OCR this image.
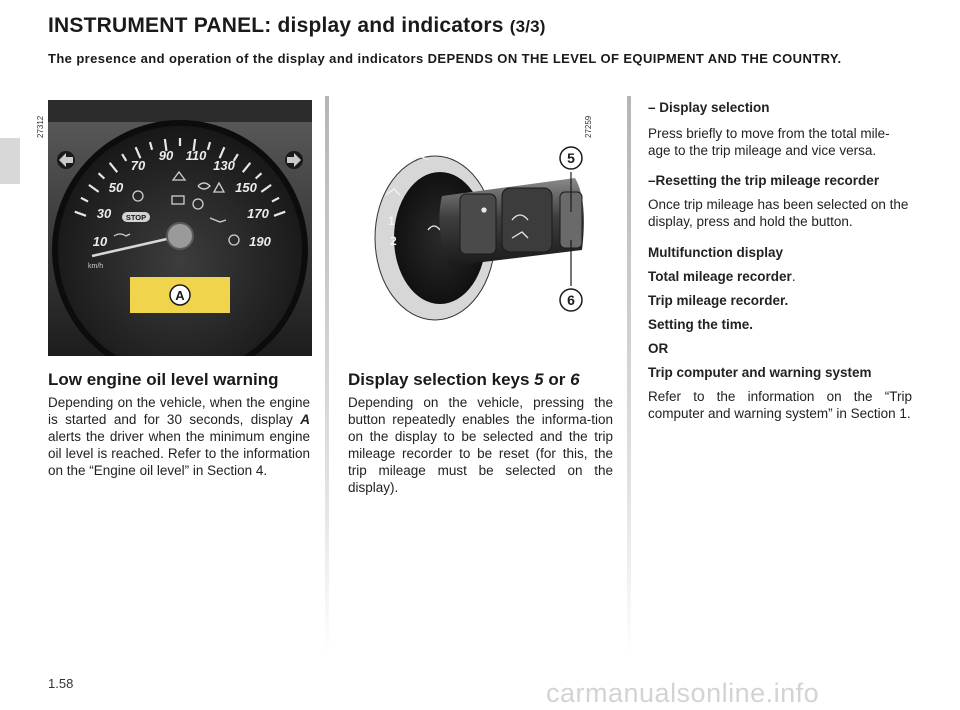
INSTRUMENT PANEL: display and indicators (3/3)

The presence and operation of the display and indicators DEPENDS ON THE LEVEL OF EQUIPMENT AND THE COUNTRY.

27312
10
30
50
70
90 110
130
150
170
190
STOP
km/h
A
27259
1
2
5
6
Low engine oil level warning

Depending on the vehicle, when the engine is started and for 30 seconds, display A alerts the driver when the minimum engine oil level is reached. Refer to the information on the “Engine oil level” in Section 4.

Display selection keys 5 or 6

Depending on the vehicle, pressing the button repeatedly enables the informa-tion on the display to be selected and the trip mileage recorder to be reset (for this, the trip mileage must be selected on the display).

– Display selection

Press briefly to move from the total mile-age to the trip mileage and vice versa.

–Resetting the trip mileage recorder

Once trip mileage has been selected on the display, press and hold the button.

Multifunction display

Total mileage recorder.

Trip mileage recorder.

Setting the time.

OR

Trip computer and warning system

Refer to the information on the “Trip computer and warning system” in Section 1.

1.58	carmanualsonline.info
